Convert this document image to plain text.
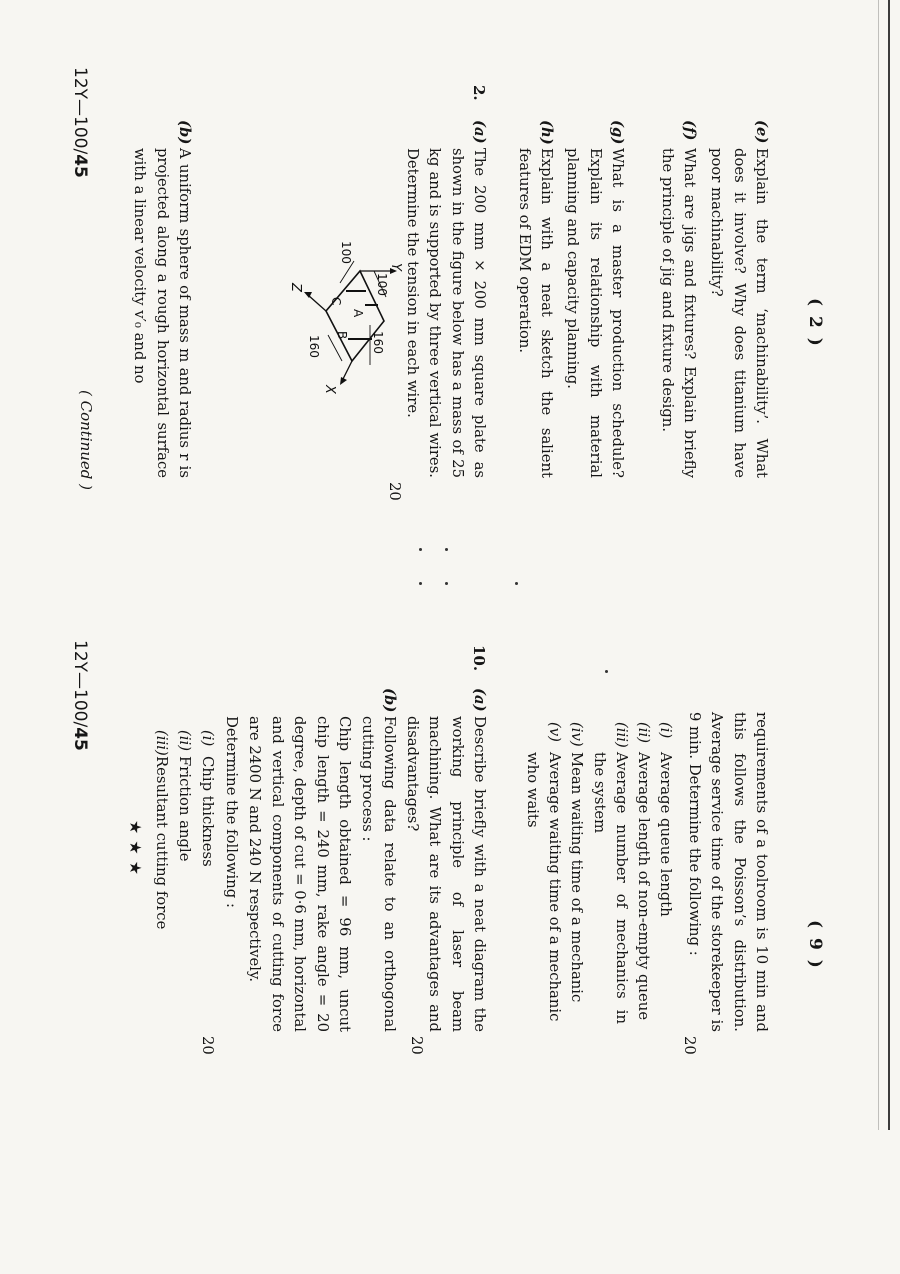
( 2 )
(e)
Explain the term ‘machinability’. What does it involve? Why does titanium have poor machinability?
(f)
What are jigs and fixtures? Explain briefly the principle of jig and fixture design.
(g)
What is a master production schedule? Explain its relationship with material planning and capacity planning.
(h)
Explain with a neat sketch the salient features of EDM operation.
2.
(a)
The 200 mm × 200 mm square plate as shown in the figure below has a mass of 25 kg and is supported by three vertical wires. Determine the tension in each wire.
20
Y
X
Z
A
B
C
100
100
160	160
(b)
A uniform sphere of mass m and radius r is projected along a rough horizontal surface with a linear velocity v′₀ and no
12Y—100/45
( Continued )
( 9 )
requirements of a toolroom is 10 min and this follows the Poisson’s distribution. Average service time of the storekeeper is 9 min. Determine the following :
20
(i)
Average queue length
(ii)
Average length of non-empty queue
(iii)
Average number of mechanics in the system
(iv)
Mean waiting time of a mechanic
(v)
Average waiting time of a mechanic who waits
10.
(a)
Describe briefly with a neat diagram the working principle of laser beam machining. What are its advantages and disadvantages?
20
(b)
Following data relate to an orthogonal cutting process :
Chip length obtained = 96 mm, uncut chip length = 240 mm, rake angle = 20 degree, depth of cut = 0·6 mm, horizontal and vertical components of cutting force are 2400 N and 240 N respectively.
Determine the following :
20
(i)
Chip thickness
(ii)
Friction angle
(iii)
Resultant cutting force
★★★
12Y—100/45
